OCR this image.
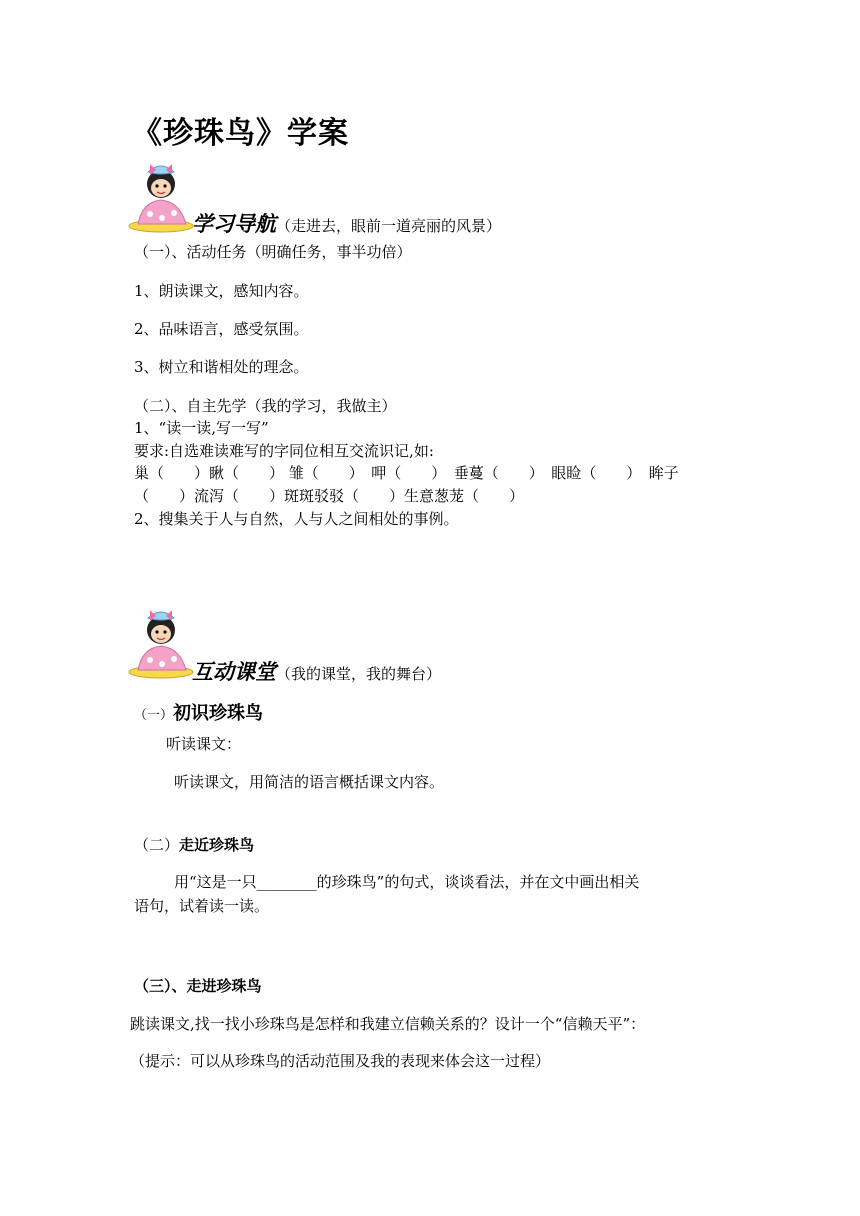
《珍珠鸟》学案
学习导航（走进去，眼前一道亮丽的风景）
（一）、活动任务（明确任务，事半功倍）
1、朗读课文，感知内容。
2、品味语言，感受氛围。
3、树立和谐相处的理念。
（二）、自主先学（我的学习，我做主）
1、“读一读,写一写”
要求:自选难读难写的字同位相互交流识记,如:
巢（　　）瞅（　　） 雏（　　）　呷（　　）　垂蔓（　　）　眼睑（　　）　眸子
（　　）流泻（　　）斑斑驳驳（　　）生意葱茏（　　）
2、搜集关于人与自然，人与人之间相处的事例。
互动课堂（我的课堂，我的舞台）
（一）初识珍珠鸟
听读课文：
听读课文，用简洁的语言概括课文内容。
（二）走近珍珠鸟
用“这是一只________的珍珠鸟”的句式，谈谈看法，并在文中画出相关
语句，试着读一读。
（三）、走进珍珠鸟
跳读课文,找一找小珍珠鸟是怎样和我建立信赖关系的？设计一个“信赖天平”：
（提示：可以从珍珠鸟的活动范围及我的表现来体会这一过程）
